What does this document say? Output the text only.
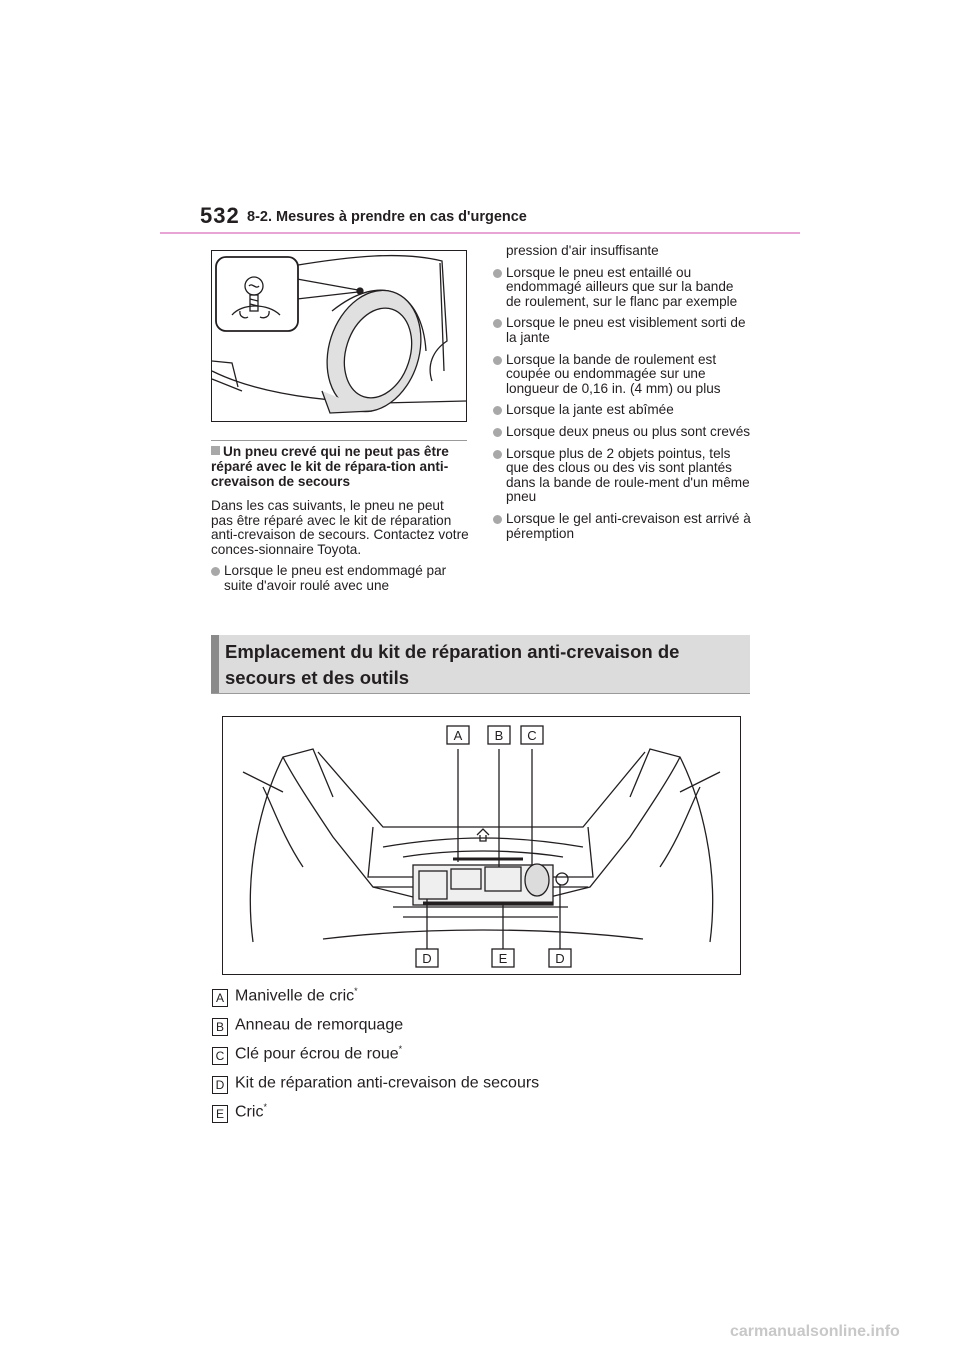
532 8-2. Mesures à prendre en cas d'urgence
Un pneu crevé qui ne peut pas être réparé avec le kit de répara-tion anti-crevaison de secours
Dans les cas suivants, le pneu ne peut pas être réparé avec le kit de réparation anti-crevaison de secours. Contactez votre conces-sionnaire Toyota.
Lorsque le pneu est endommagé par suite d'avoir roulé avec une
pression d'air insuffisante
Lorsque le pneu est entaillé ou endommagé ailleurs que sur la bande de roulement, sur le flanc par exemple
Lorsque le pneu est visiblement sorti de la jante
Lorsque la bande de roulement est coupée ou endommagée sur une longueur de 0,16 in. (4 mm) ou plus
Lorsque la jante est abîmée
Lorsque deux pneus ou plus sont crevés
Lorsque plus de 2 objets pointus, tels que des clous ou des vis sont plantés dans la bande de roule-ment d'un même pneu
Lorsque le gel anti-crevaison est arrivé à péremption
Emplacement du kit de réparation anti-crevaison de secours et des outils
A B C
D	E	D
A Manivelle de cric*
B Anneau de remorquage
C Clé pour écrou de roue*
D Kit de réparation anti-crevaison de secours
E Cric*
carmanualsonline.info
